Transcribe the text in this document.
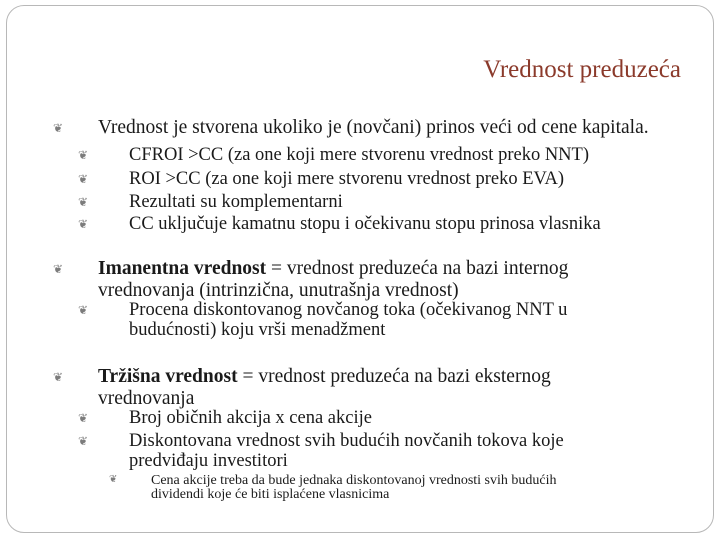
Vrednost preduzeća
❦ Vrednost je stvorena ukoliko je (novčani) prinos veći od cene kapitala.

❦ CFROI >CC (za one koji mere stvorenu vrednost preko NNT)

❦ ROI >CC (za one koji mere stvorenu vrednost preko EVA)

❦ Rezultati su komplementarni

❦ CC uključuje kamatnu stopu i očekivanu stopu prinosa vlasnika

❦ Imanentna vrednost = vrednost preduzeća na bazi internog
vrednovanja (intrinzična, unutrašnja vrednost)

❦ Procena diskontovanog novčanog toka (očekivanog NNT u
budućnosti) koju vrši menadžment

❦ Tržišna vrednost = vrednost preduzeća na bazi eksternog
vrednovanja

❦ Broj običnih akcija x cena akcije

❦ Diskontovana vrednost svih budućih novčanih tokova koje
predviđaju investitori

❦ Cena akcije treba da bude jednaka diskontovanoj vrednosti svih budućih
dividendi koje će biti isplaćene vlasnicima
